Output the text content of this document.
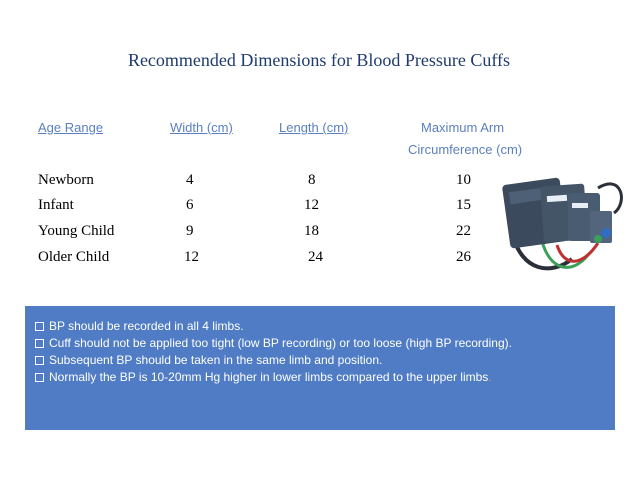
Recommended Dimensions for Blood Pressure Cuffs
Age Range	Width (cm)	Length (cm)	Maximum Arm
Circumference (cm)
Newborn	4	8	10
Infant	6	12	15
Young Child	9	18	22
Older Child	12	24	26
BP should be recorded in all 4 limbs.
Cuff should not be applied too tight (low BP recording) or too loose (high BP recording).
Subsequent BP should be taken in the same limb and position.
Normally the BP is 10-20mm Hg higher in lower limbs compared to the upper limbs.
